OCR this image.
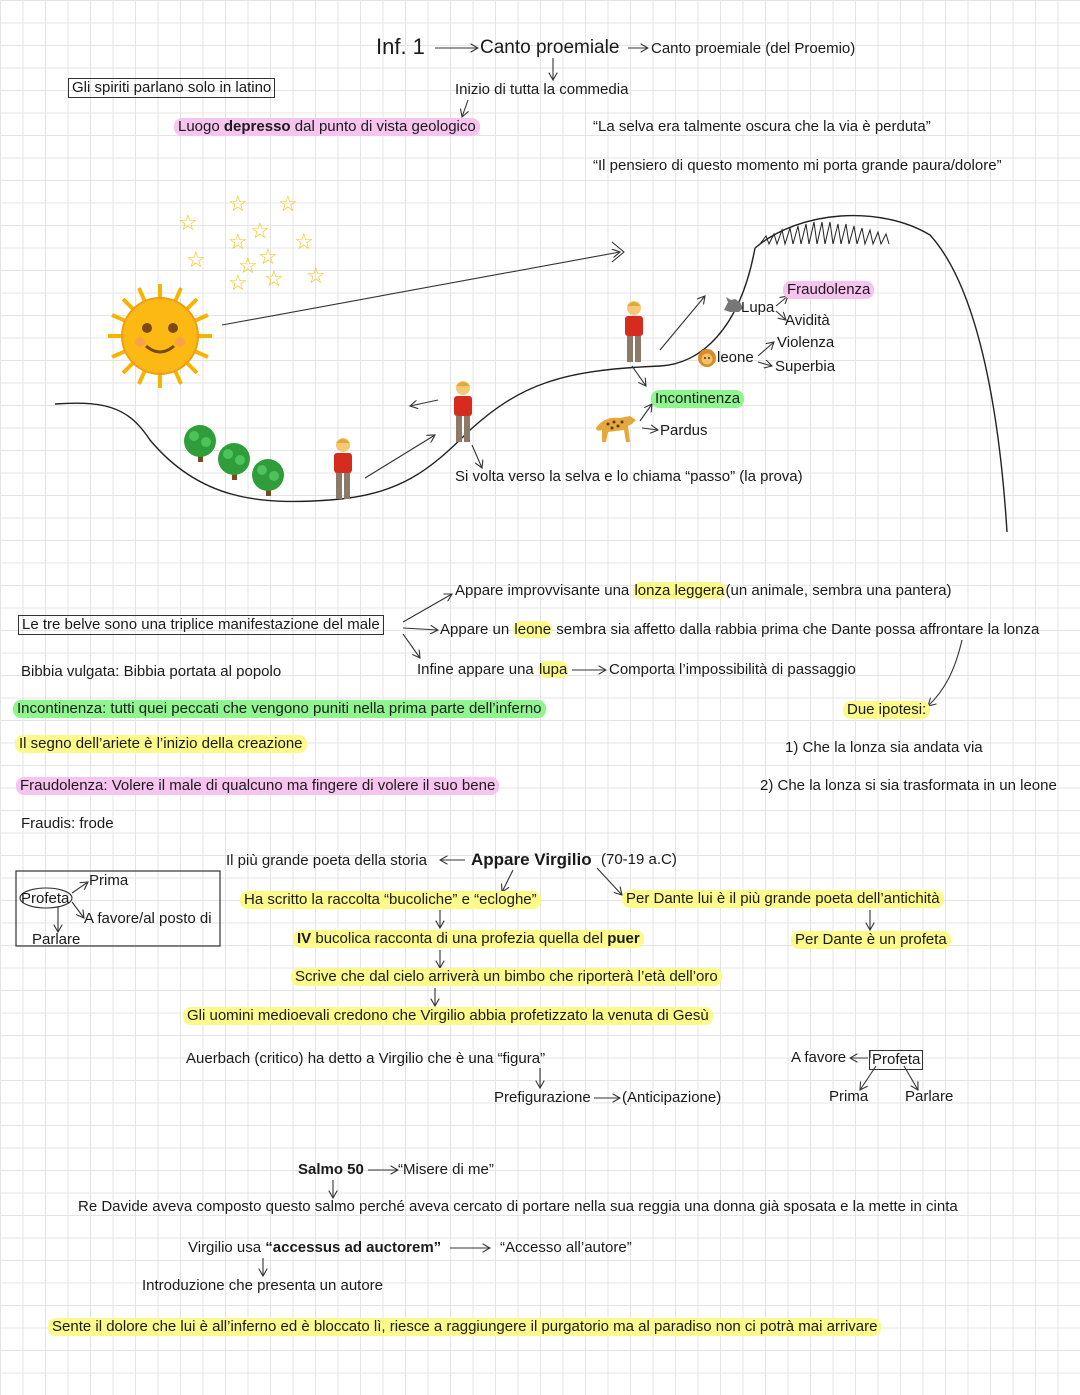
Inf. 1	Canto proemiale Canto proemiale (del Proemio)
Inizio di tutta la commedia
Gli spiriti parlano solo in latino
Luogo depresso dal punto di vista geologico	“La selva era talmente oscura che la via è perduta”
“Il pensiero di questo momento mi porta grande paura/dolore”
☆
☆ ☆
☆
☆ ☆ ☆
☆ ☆
☆ ☆ ☆
Lupa
Fraudolenza
Avidità
leone
Violenza
Superbia
Incontinenza
Pardus
Si volta verso la selva e lo chiama “passo” (la prova)
Appare improvvisante una lonza leggera(un animale, sembra una pantera)
Le tre belve sono una triplice manifestazione del male	Appare un leone sembra sia affetto dalla rabbia prima che Dante possa affrontare la lonza
Infine appare una lupa	Comporta l’impossibilità di passaggio
Bibbia vulgata: Bibbia portata al popolo
Incontinenza: tutti quei peccati che vengono puniti nella prima parte dell’inferno
Il segno dell’ariete è l’inizio della creazione
Fraudolenza: Volere il male di qualcuno ma fingere di volere il suo bene
Fraudis: frode
Due ipotesi:
1) Che la lonza sia andata via
2) Che la lonza si sia trasformata in un leone
Il più grande poeta della storia	Appare Virgilio (70-19 a.C)
Prima
Profeta
A favore/al posto di
Parlare
Ha scritto la raccolta “bucoliche” e “ecloghe”	Per Dante lui è il più grande poeta dell’antichità
IV bucolica racconta di una profezia quella del puer	Per Dante è un profeta
Scrive che dal cielo arriverà un bimbo che riporterà l’età dell’oro
Gli uomini medioevali credono che Virgilio abbia profetizzato la venuta di Gesù
Auerbach (critico) ha detto a Virgilio che è una “figura”
Prefigurazione (Anticipazione)
A favore Profeta
Prima Parlare
Salmo 50 “Misere di me”
Re Davide aveva composto questo salmo perché aveva cercato di portare nella sua reggia una donna già sposata e la mette in cinta
Virgilio usa “accessus ad auctorem”	“Accesso all’autore”
Introduzione che presenta un autore
Sente il dolore che lui è all’inferno ed è bloccato lì, riesce a raggiungere il purgatorio ma al paradiso non ci potrà mai arrivare
